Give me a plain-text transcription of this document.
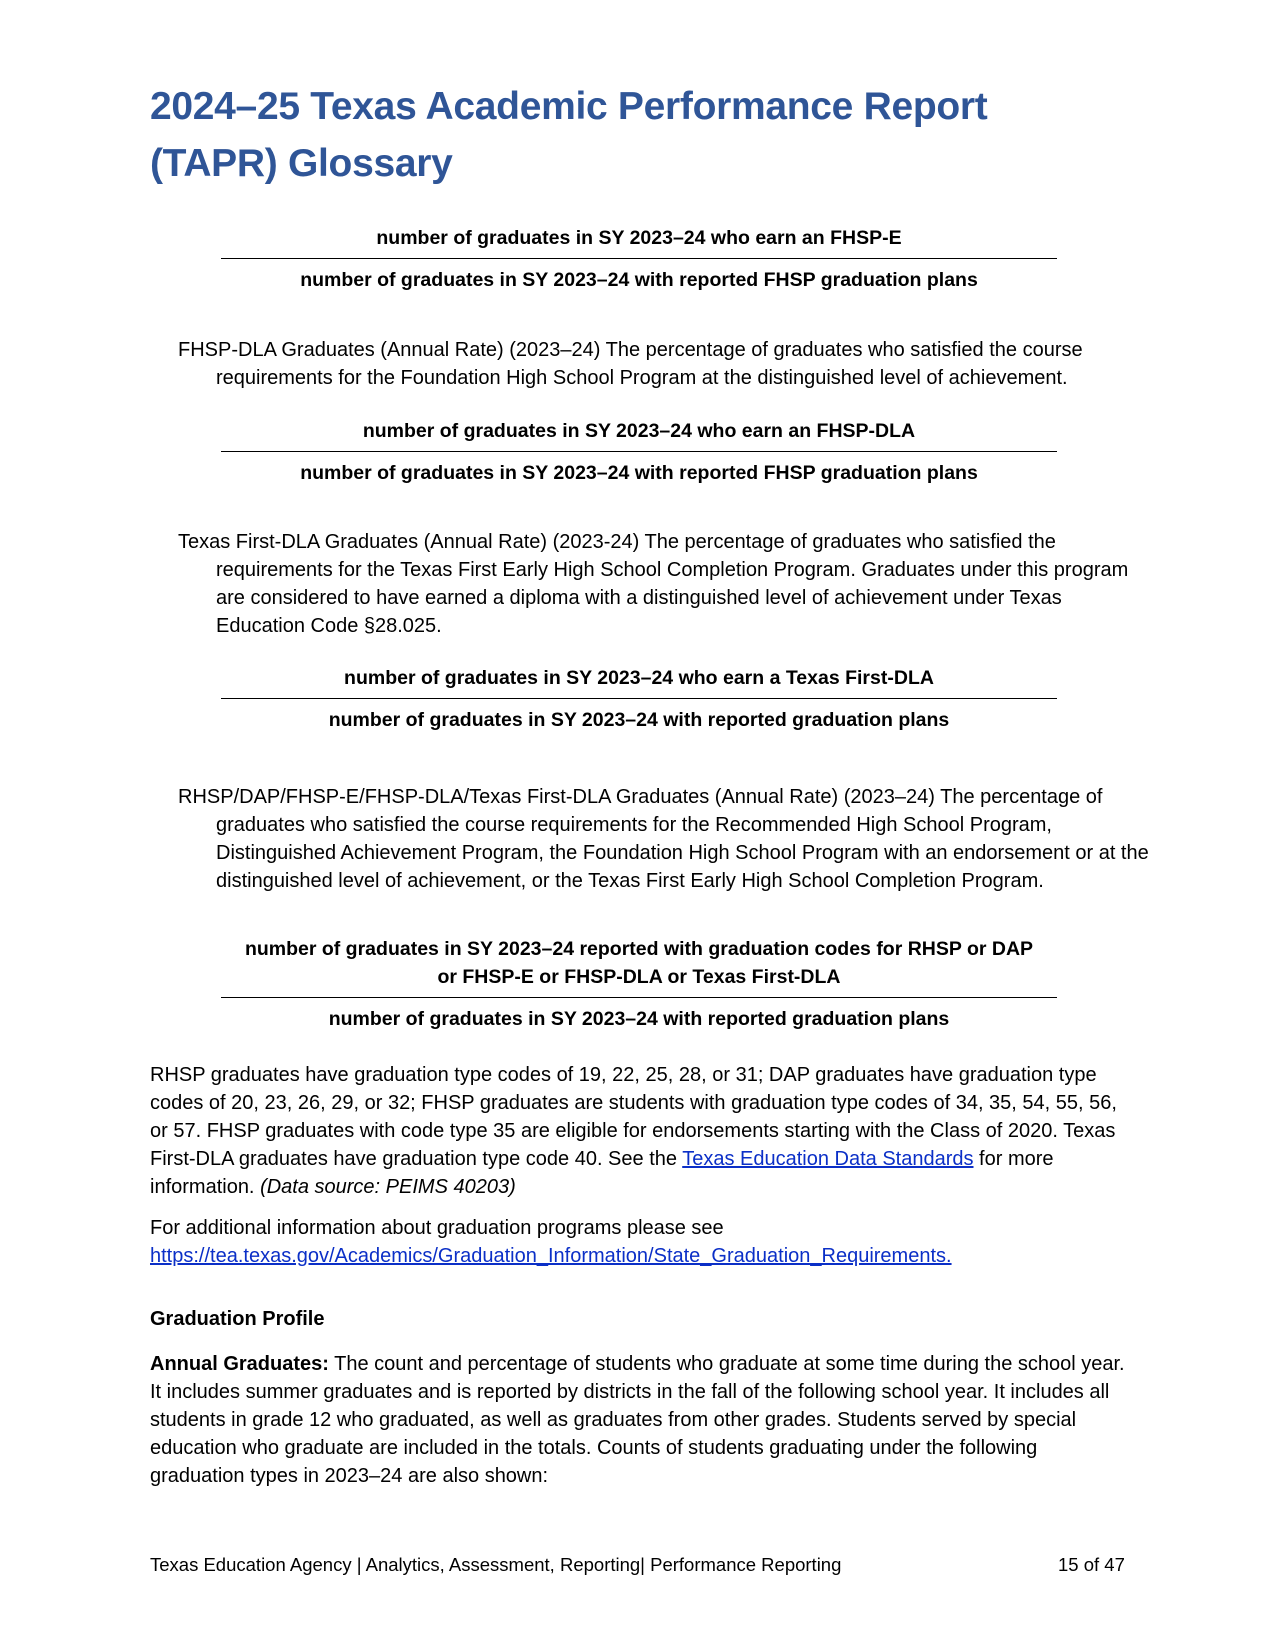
2024–25 Texas Academic Performance Report
(TAPR) Glossary
number of graduates in SY 2023–24 who earn an FHSP-E
number of graduates in SY 2023–24 with reported FHSP graduation plans
FHSP-DLA Graduates (Annual Rate) (2023–24) The percentage of graduates who satisfied the course requirements for the Foundation High School Program at the distinguished level of achievement.
number of graduates in SY 2023–24 who earn an FHSP-DLA
number of graduates in SY 2023–24 with reported FHSP graduation plans
Texas First-DLA Graduates (Annual Rate) (2023-24) The percentage of graduates who satisfied the requirements for the Texas First Early High School Completion Program. Graduates under this program are considered to have earned a diploma with a distinguished level of achievement under Texas Education Code §28.025.
number of graduates in SY 2023–24 who earn a Texas First-DLA
number of graduates in SY 2023–24 with reported graduation plans
RHSP/DAP/FHSP-E/FHSP-DLA/Texas First-DLA Graduates (Annual Rate) (2023–24) The percentage of graduates who satisfied the course requirements for the Recommended High School Program, Distinguished Achievement Program, the Foundation High School Program with an endorsement or at the distinguished level of achievement, or the Texas First Early High School Completion Program.
number of graduates in SY 2023–24 reported with graduation codes for RHSP or DAP
or FHSP-E or FHSP-DLA or Texas First-DLA
number of graduates in SY 2023–24 with reported graduation plans
RHSP graduates have graduation type codes of 19, 22, 25, 28, or 31; DAP graduates have graduation type codes of 20, 23, 26, 29, or 32; FHSP graduates are students with graduation type codes of 34, 35, 54, 55, 56, or 57. FHSP graduates with code type 35 are eligible for endorsements starting with the Class of 2020. Texas First-DLA graduates have graduation type code 40. See the Texas Education Data Standards for more information. (Data source: PEIMS 40203)
For additional information about graduation programs please see
https://tea.texas.gov/Academics/Graduation_Information/State_Graduation_Requirements.
Graduation Profile
Annual Graduates: The count and percentage of students who graduate at some time during the school year. It includes summer graduates and is reported by districts in the fall of the following school year. It includes all students in grade 12 who graduated, as well as graduates from other grades. Students served by special education who graduate are included in the totals. Counts of students graduating under the following graduation types in 2023–24 are also shown:
Texas Education Agency | Analytics, Assessment, Reporting| Performance Reporting	15 of 47
